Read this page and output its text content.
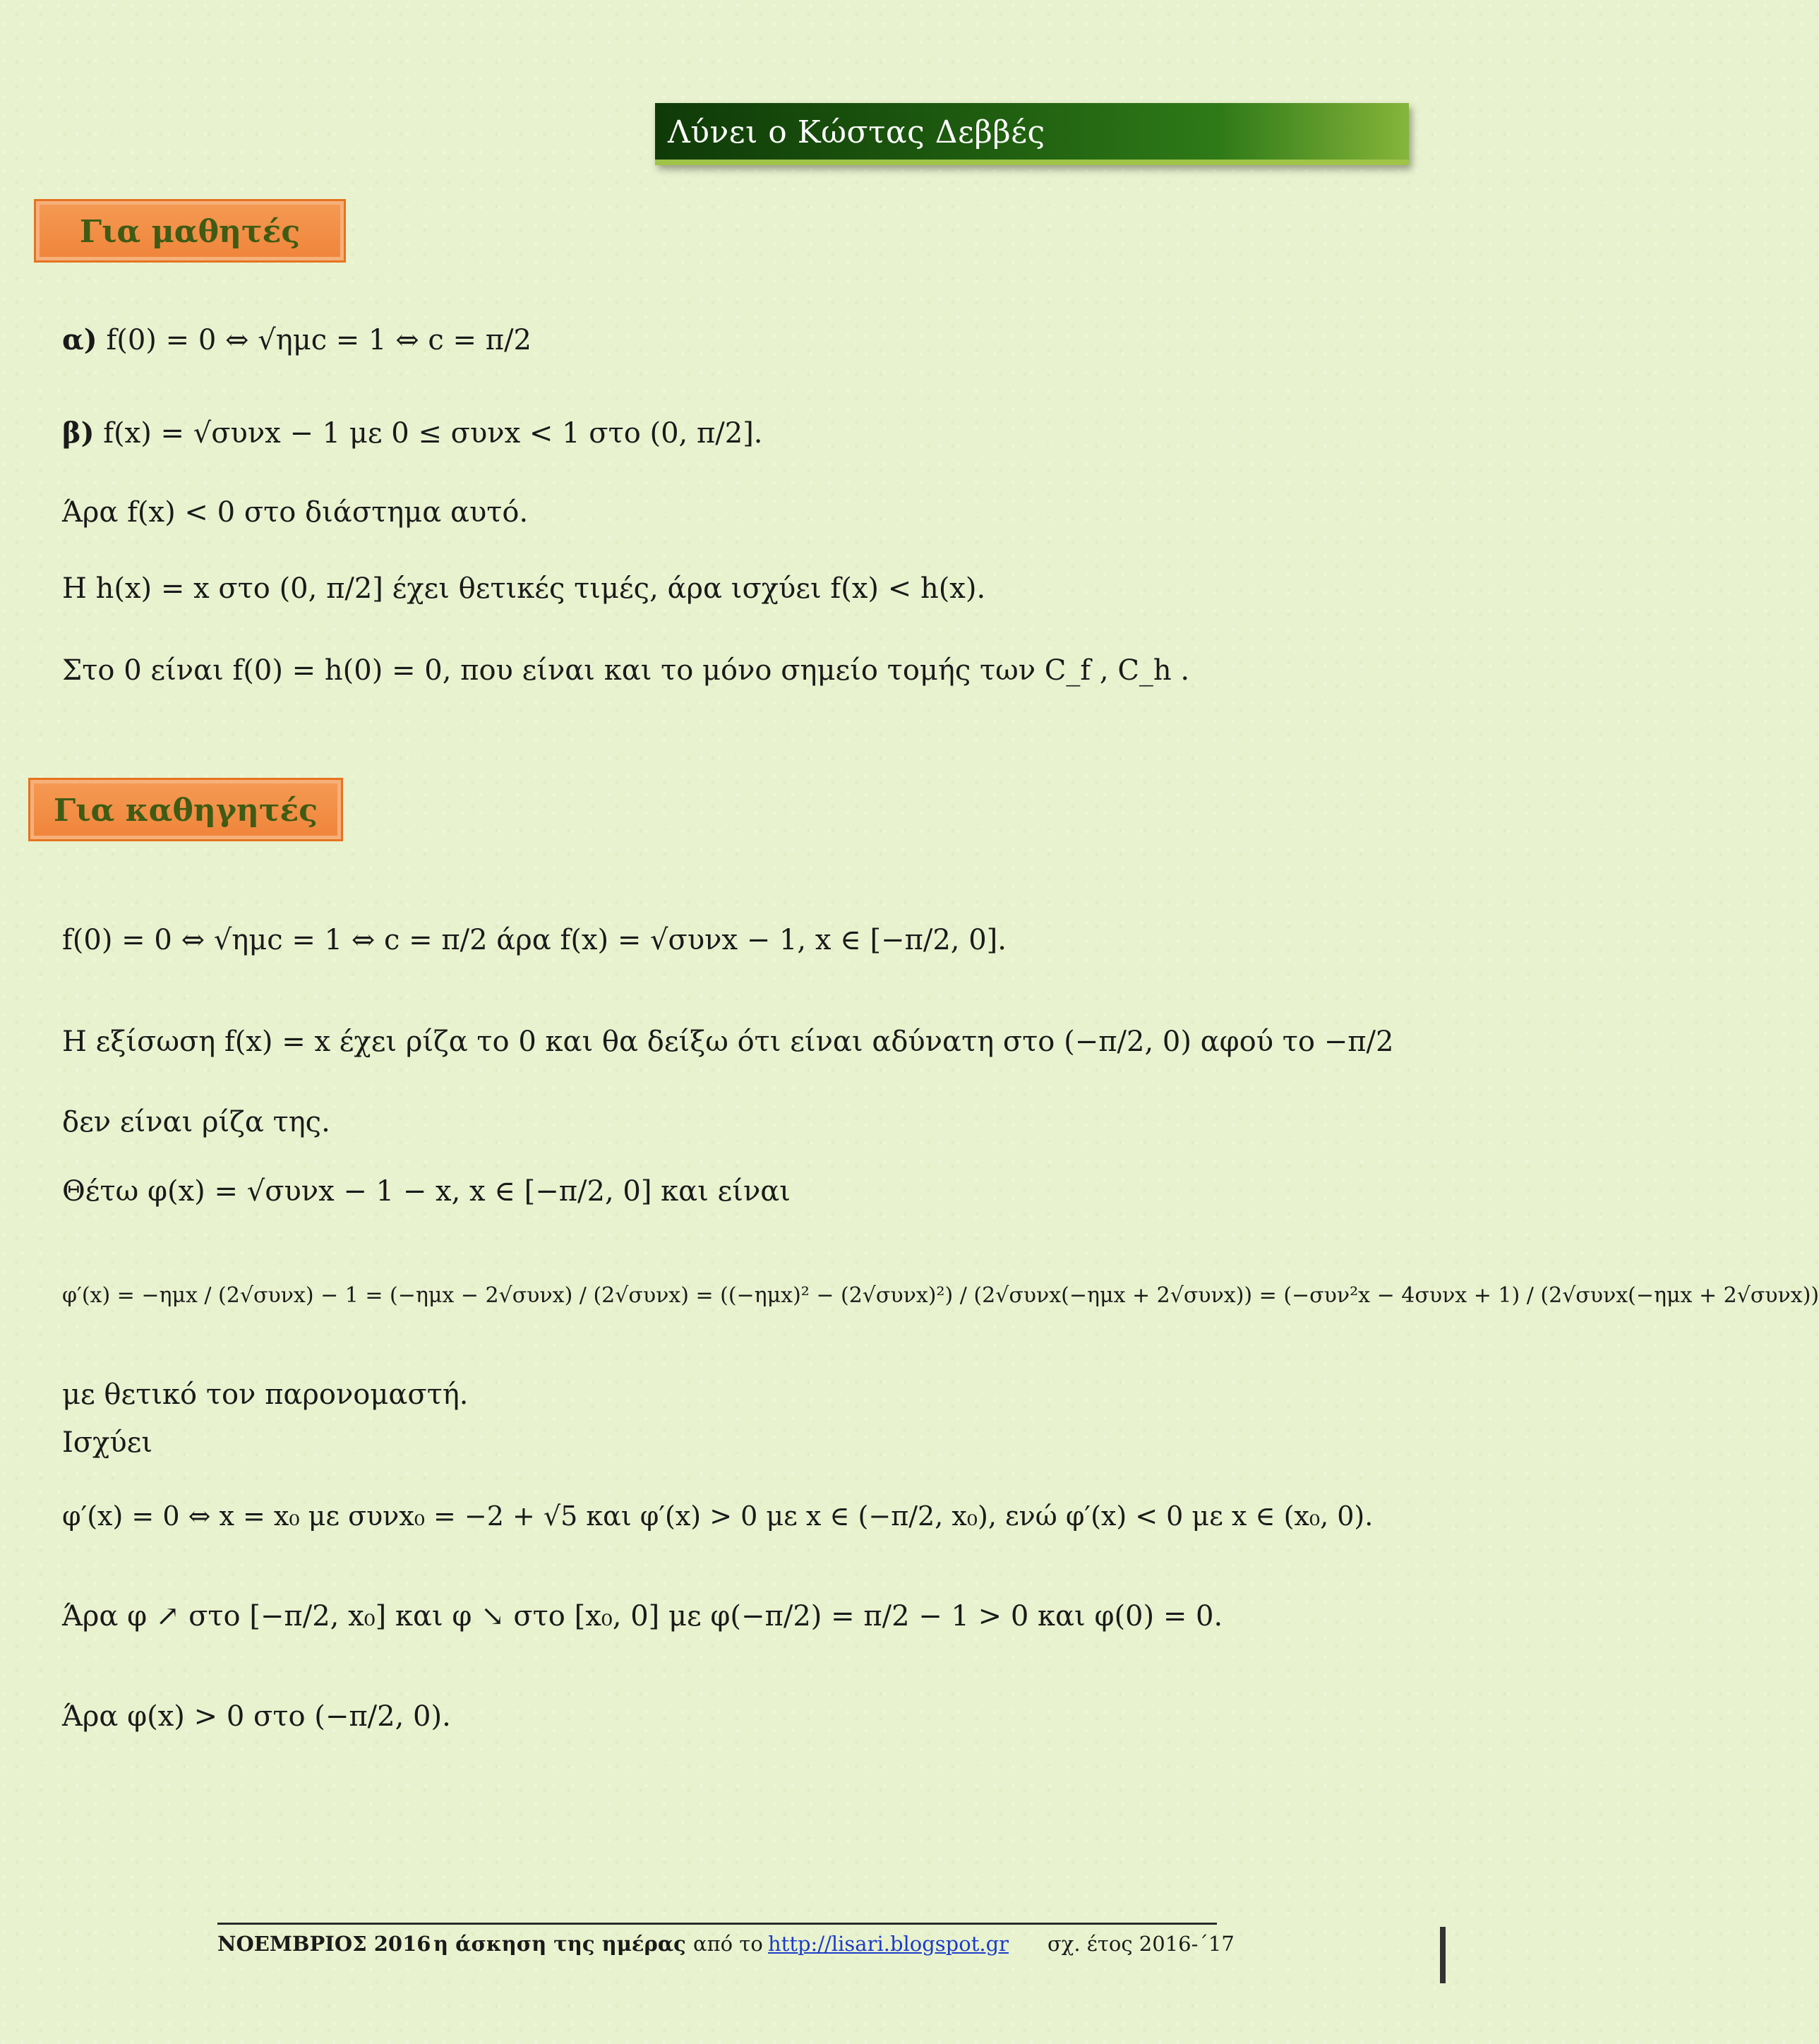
Λύνει ο Κώστας Δεββές
Για μαθητές
α) f(0) = 0 ⇔ √ημc = 1 ⇔ c = π/2
β) f(x) = √συνx − 1 με 0 ≤ συνx < 1 στο (0, π/2].
Άρα f(x) < 0 στο διάστημα αυτό.
Η h(x) = x στο (0, π/2] έχει θετικές τιμές, άρα ισχύει f(x) < h(x).
Στο 0 είναι f(0) = h(0) = 0, που είναι και το μόνο σημείο τομής των C_f , C_h .
Για καθηγητές
f(0) = 0 ⇔ √ημc = 1 ⇔ c = π/2 άρα f(x) = √συνx − 1, x ∈ [−π/2, 0].
Η εξίσωση f(x) = x έχει ρίζα το 0 και θα δείξω ότι είναι αδύνατη στο (−π/2, 0) αφού το −π/2
δεν είναι ρίζα της.
Θέτω φ(x) = √συνx − 1 − x, x ∈ [−π/2, 0] και είναι
φ′(x) = −ημx / (2√συνx) − 1 = (−ημx − 2√συνx) / (2√συνx) = ((−ημx)² − (2√συνx)²) / (2√συνx(−ημx + 2√συνx)) = (−συν²x − 4συνx + 1) / (2√συνx(−ημx + 2√συνx))
με θετικό τον παρονομαστή.
Ισχύει
φ′(x) = 0 ⇔ x = x₀ με συνx₀ = −2 + √5 και φ′(x) > 0 με x ∈ (−π/2, x₀), ενώ φ′(x) < 0 με x ∈ (x₀, 0).
Άρα φ ↗ στο [−π/2, x₀] και φ ↘ στο [x₀, 0] με φ(−π/2) = π/2 − 1 > 0 και φ(0) = 0.
Άρα φ(x) > 0 στο (−π/2, 0).
ΝΟΕΜΒΡΙΟΣ 2016 η άσκηση της ημέρας από το http://lisari.blogspot.gr σχ. έτος 2016-΄17
